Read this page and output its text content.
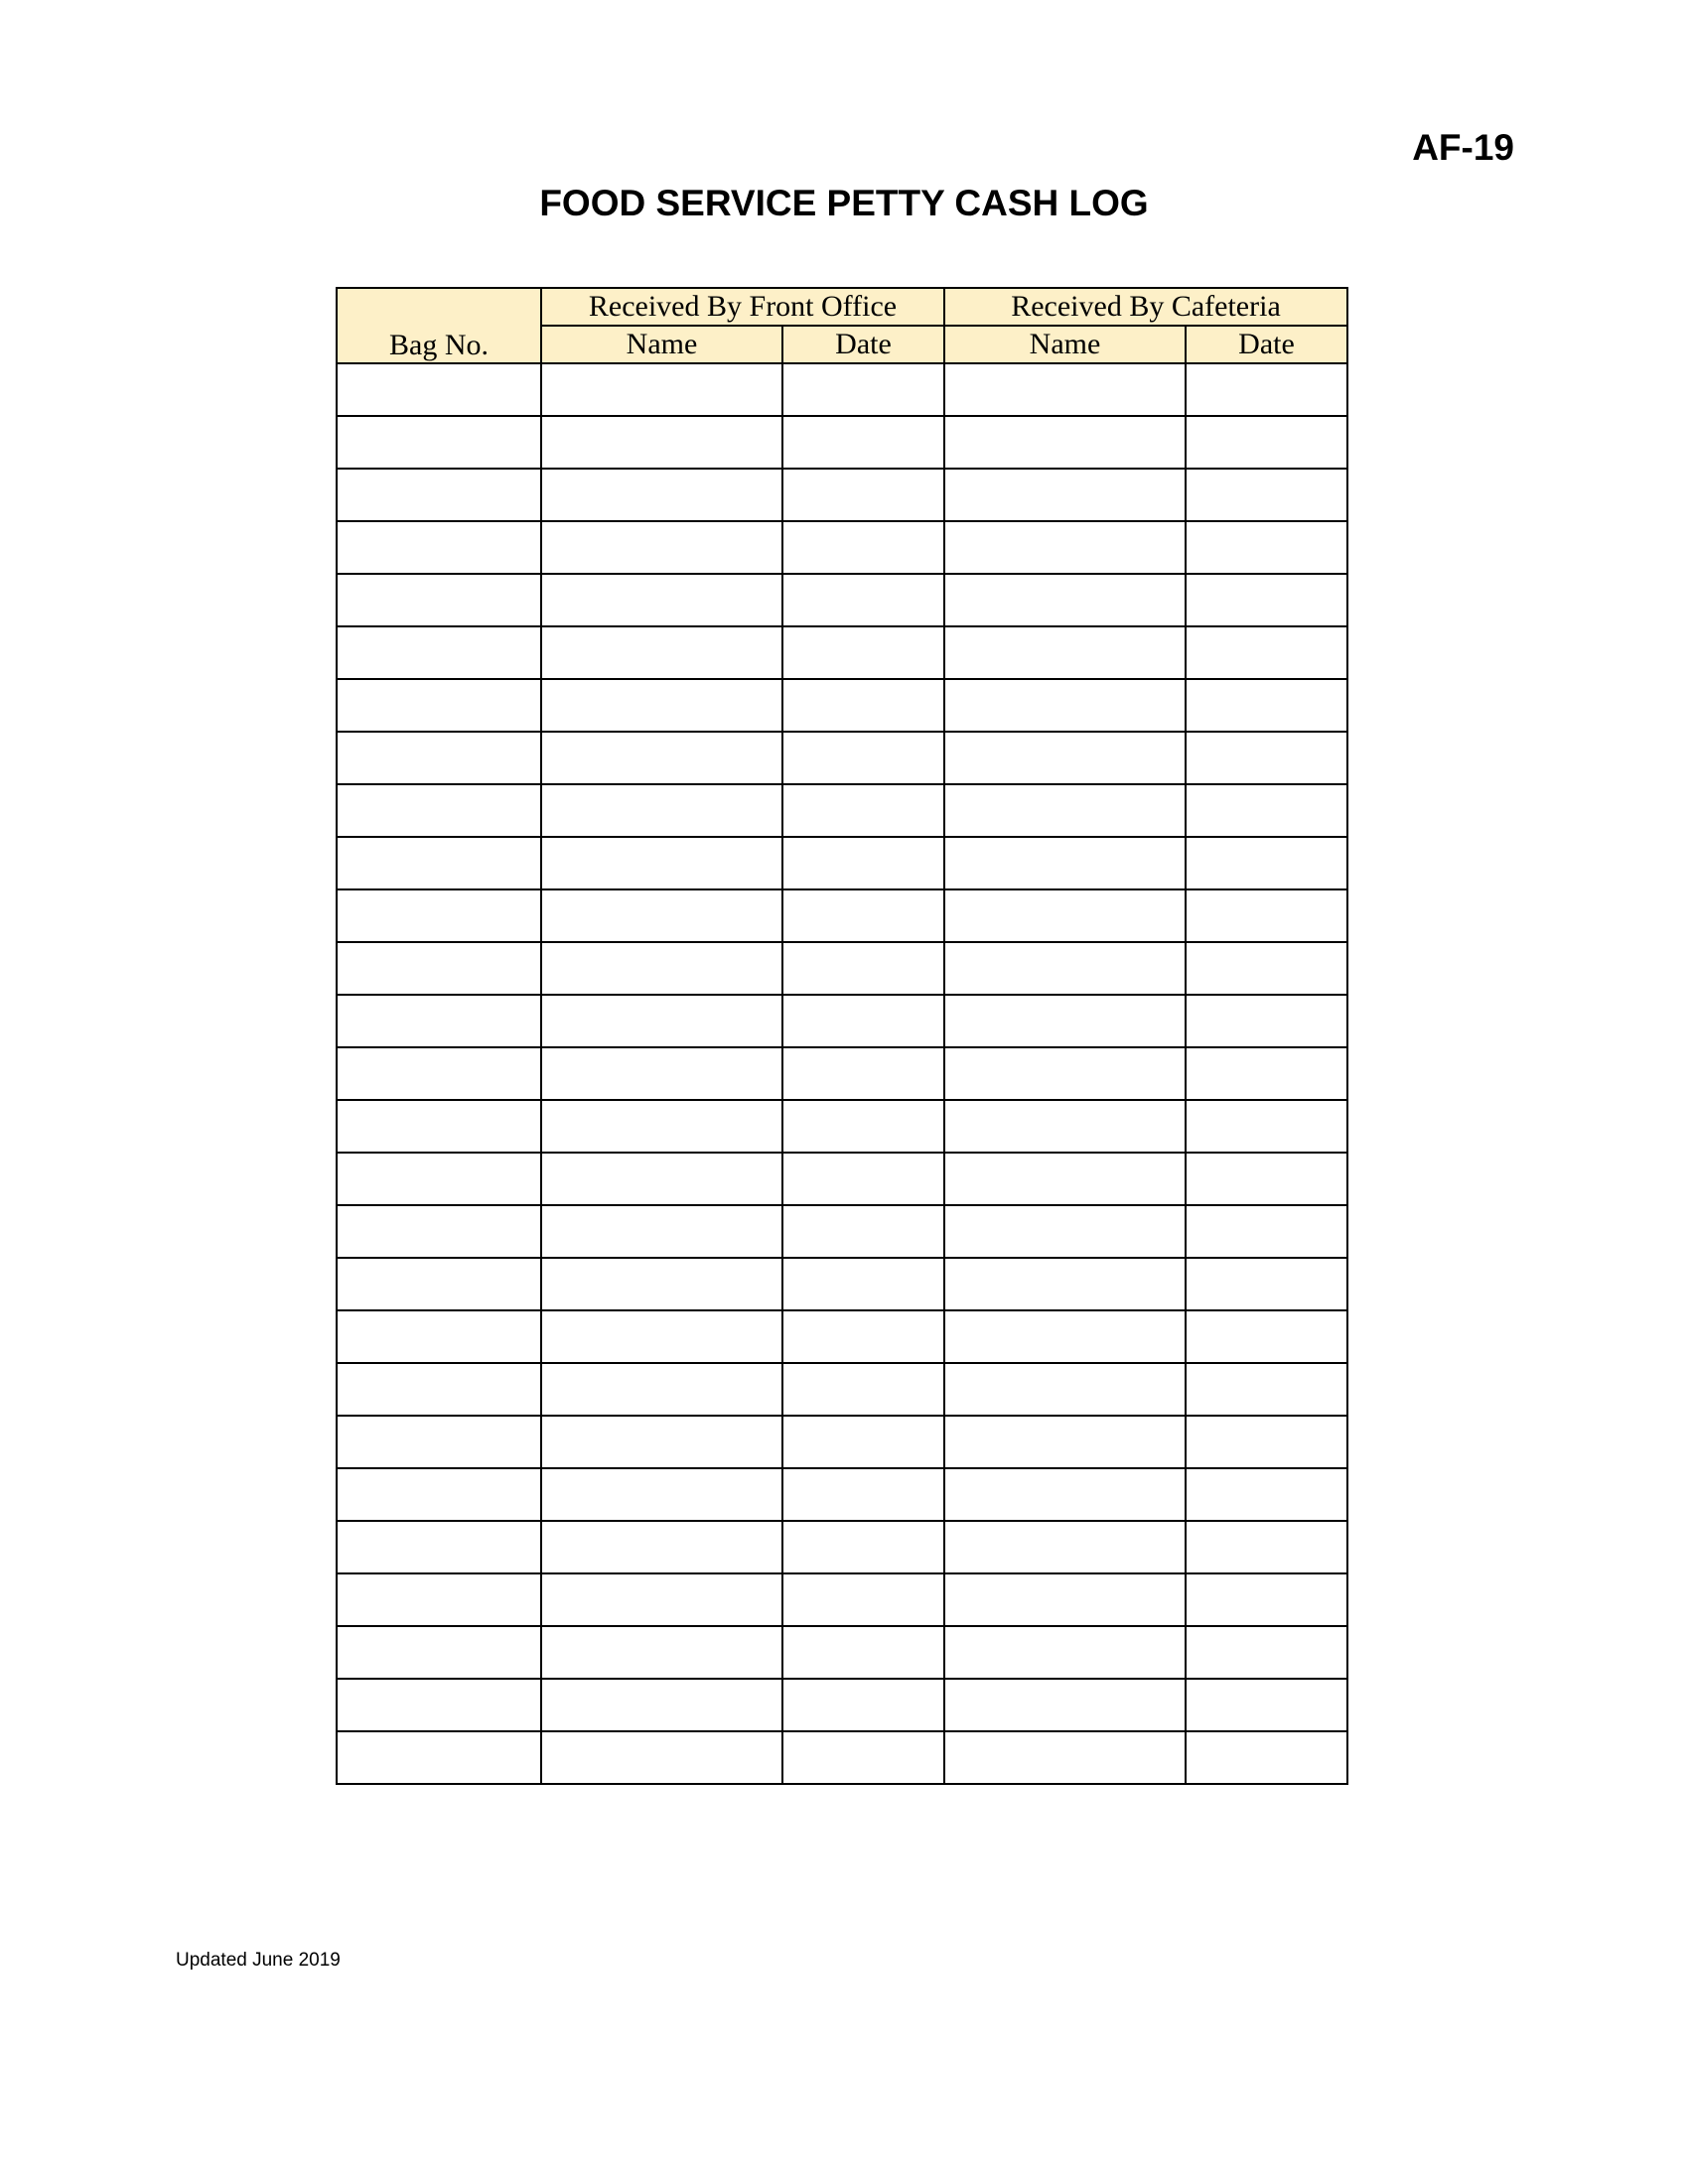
AF-19
FOOD SERVICE PETTY CASH LOG
Bag No.	Received By Front Office		Received By Cafeteria	
	Name	Date	Name	Date

Updated June 2019
